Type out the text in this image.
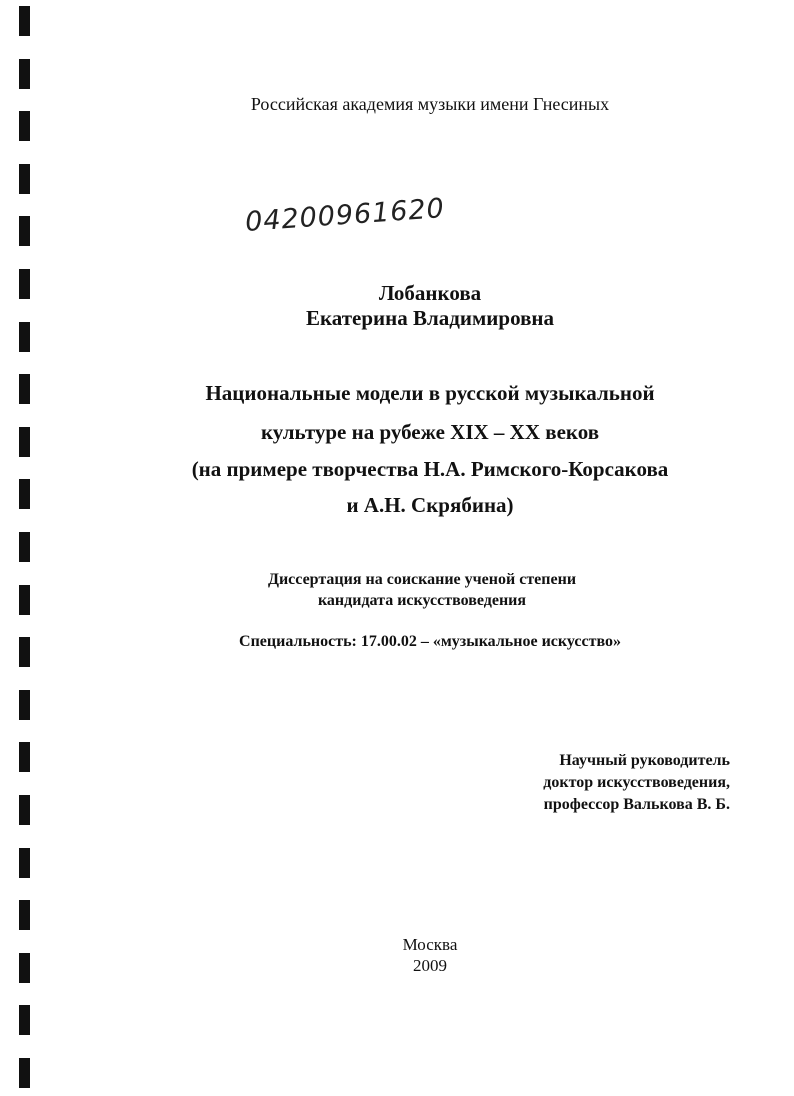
Российская академия музыки имени Гнесиных
04200961620
Лобанкова
Екатерина Владимировна
Национальные модели в русской музыкальной
культуре на рубеже XIX – XX веков
(на примере творчества Н.А. Римского-Корсакова
и А.Н. Скрябина)
Диссертация на соискание ученой степени
кандидата искусствоведения
Специальность: 17.00.02 – «музыкальное искусство»
Научный руководитель
доктор искусствоведения,
профессор Валькова В. Б.
Москва
2009
